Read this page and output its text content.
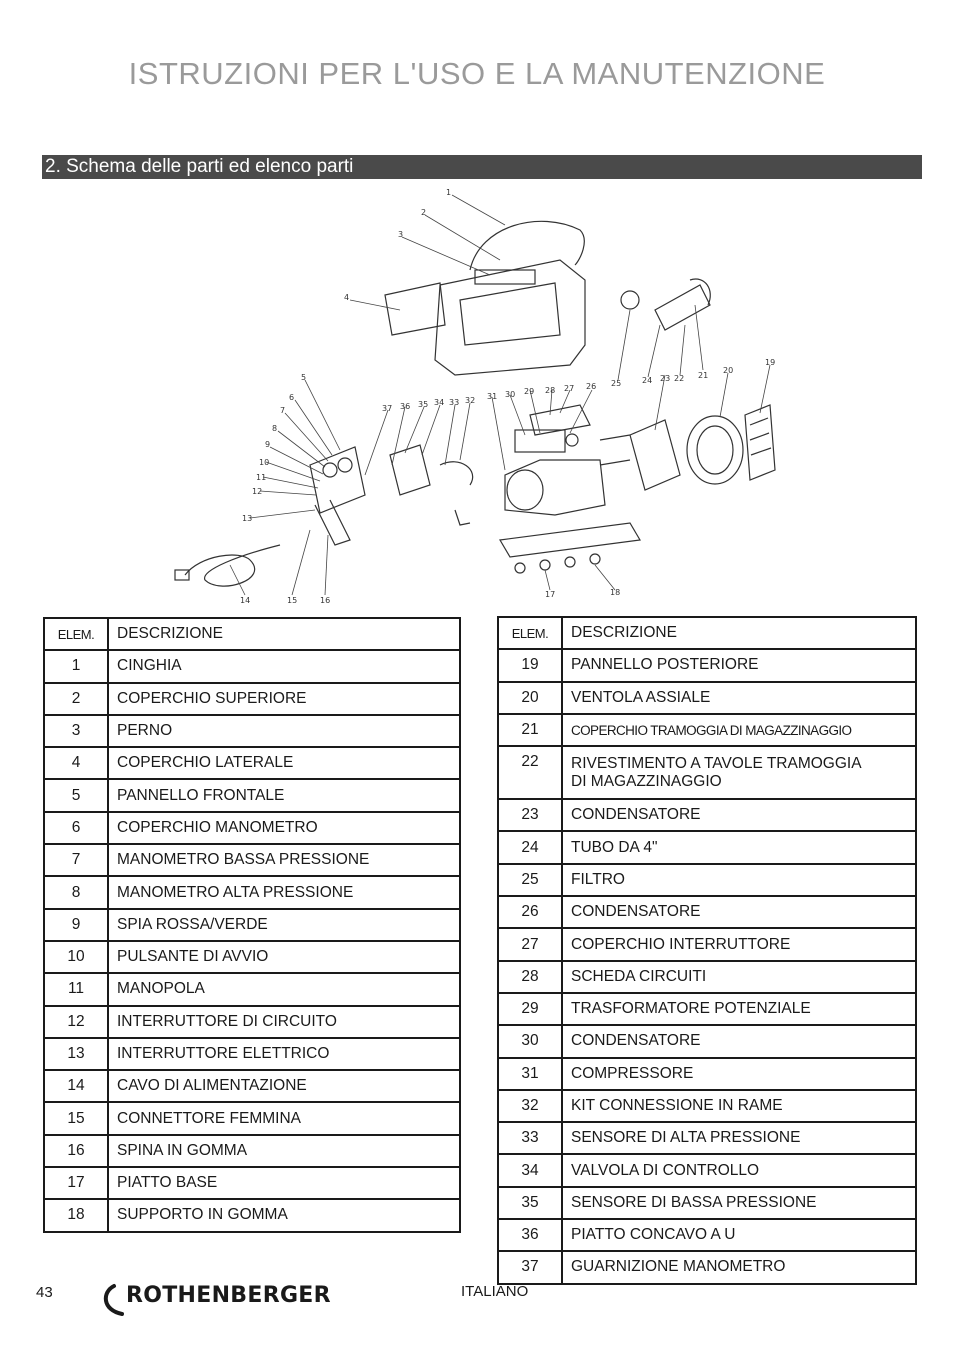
ISTRUZIONI PER L'USO E LA MANUTENZIONE
2. Schema delle parti ed elenco parti
1
2
3
4
5
6
7
8
9
10
11
12
13
14	15	16
17	18
19
20
21
22
23
24
25
26
27
28
29
30
31
32
33
34
35
36
37
ELEM.	DESCRIZIONE
1	CINGHIA
2	COPERCHIO SUPERIORE
3	PERNO
4	COPERCHIO LATERALE
5	PANNELLO FRONTALE
6	COPERCHIO MANOMETRO
7	MANOMETRO BASSA PRESSIONE
8	MANOMETRO ALTA PRESSIONE
9	SPIA ROSSA/VERDE
10	PULSANTE DI AVVIO
11	MANOPOLA
12	INTERRUTTORE DI CIRCUITO
13	INTERRUTTORE ELETTRICO
14	CAVO DI ALIMENTAZIONE
15	CONNETTORE FEMMINA
16	SPINA IN GOMMA
17	PIATTO BASE
18	SUPPORTO IN GOMMA
ELEM.	DESCRIZIONE
19	PANNELLO POSTERIORE
20	VENTOLA ASSIALE
21	COPERCHIO TRAMOGGIA DI MAGAZZINAGGIO
22	RIVESTIMENTO A TAVOLE TRAMOGGIA
DI MAGAZZINAGGIO

23	CONDENSATORE
24	TUBO DA 4"
25	FILTRO
26	CONDENSATORE
27	COPERCHIO INTERRUTTORE
28	SCHEDA CIRCUITI
29	TRASFORMATORE POTENZIALE
30	CONDENSATORE
31	COMPRESSORE
32	KIT CONNESSIONE IN RAME
33	SENSORE DI ALTA PRESSIONE
34	VALVOLA DI CONTROLLO
35	SENSORE DI BASSA PRESSIONE
36	PIATTO CONCAVO A U
37	GUARNIZIONE MANOMETRO
43	ROTHENBERGER	ITALIANO
